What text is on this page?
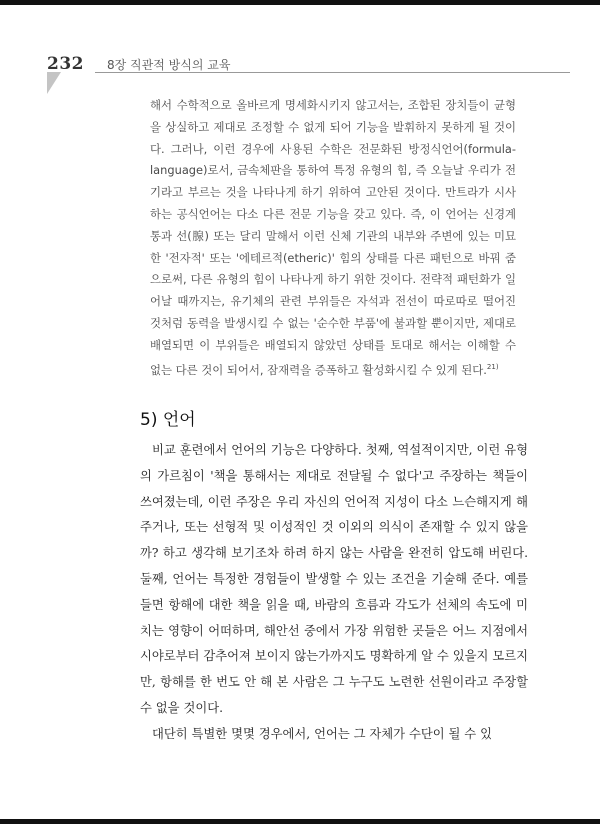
232 8장 직관적 방식의 교육
해서 수학적으로 올바르게 명세화시키지 않고서는, 조합된 장치들이 균형을 상실하고 제대로 조정할 수 없게 되어 기능을 발휘하지 못하게 될 것이다. 그러나, 이런 경우에 사용된 수학은 전문화된 방정식언어(formula-language)로서, 금속체판을 통하여 특정 유형의 힘, 즉 오늘날 우리가 전기라고 부르는 것을 나타나게 하기 위하여 고안된 것이다. 만트라가 시사하는 공식언어는 다소 다른 전문 기능을 갖고 있다. 즉, 이 언어는 신경계통과 선(腺) 또는 달리 말해서 이런 신체 기관의 내부와 주변에 있는 미묘한 '전자적' 또는 '에테르적(etheric)' 힘의 상태를 다른 패턴으로 바꿔 줌으로써, 다른 유형의 힘이 나타나게 하기 위한 것이다. 전략적 패턴화가 일어날 때까지는, 유기체의 관련 부위들은 자석과 전선이 따로따로 떨어진 것처럼 동력을 발생시킬 수 없는 '순수한 부품'에 불과할 뿐이지만, 제대로 배열되면 이 부위들은 배열되지 않았던 상태를 토대로 해서는 이해할 수 없는 다른 것이 되어서, 잠재력을 증폭하고 활성화시킬 수 있게 된다.$^{21)}$
5) 언어

비교 훈련에서 언어의 기능은 다양하다. 첫째, 역설적이지만, 이런 유형의 가르침이 '책을 통해서는 제대로 전달될 수 없다'고 주장하는 책들이 쓰여졌는데, 이런 주장은 우리 자신의 언어적 지성이 다소 느슨해지게 해주거나, 또는 선형적 및 이성적인 것 이외의 의식이 존재할 수 있지 않을까? 하고 생각해 보기조차 하려 하지 않는 사람을 완전히 압도해 버린다. 둘째, 언어는 특정한 경험들이 발생할 수 있는 조건을 기술해 준다. 예를 들면 항해에 대한 책을 읽을 때, 바람의 흐름과 각도가 선체의 속도에 미치는 영향이 어떠하며, 해안선 중에서 가장 위험한 곳들은 어느 지점에서 시야로부터 감추어져 보이지 않는가까지도 명확하게 알 수 있을지 모르지만, 항해를 한 번도 안 해 본 사람은 그 누구도 노련한 선원이라고 주장할 수 없을 것이다.

대단히 특별한 몇몇 경우에서, 언어는 그 자체가 수단이 될 수 있
